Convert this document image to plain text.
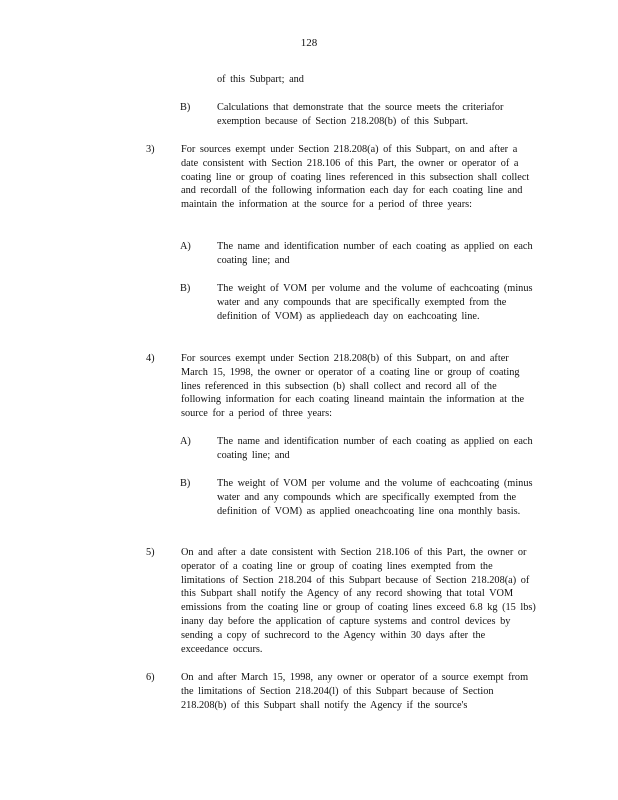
128
of this Subpart; and
B)	Calculations that demonstrate that the source meets the criteriafor exemption because of Section 218.208(b) of this Subpart.
3)	For sources exempt under Section 218.208(a) of this Subpart, on and after a date consistent with Section 218.106 of this Part, the owner or operator of a coating line or group of coating lines referenced in this subsection shall collect and recordall of the following information each day for each coating line and maintain the information at the source for a period of three years:
A)	The name and identification number of each coating as applied on each coating line; and
B)	The weight of VOM per volume and the volume of eachcoating (minus water and any compounds that are specifically exempted from the definition of VOM) as appliedeach day on eachcoating line.
4)	For sources exempt under Section 218.208(b) of this Subpart, on and after March 15, 1998, the owner or operator of a coating line or group of coating lines referenced in this subsection (b) shall collect and record all of the following information for each coating lineand maintain the information at the source for a period of three years:
A)	The name and identification number of each coating as applied on each coating line; and
B)	The weight of VOM per volume and the volume of eachcoating (minus water and any compounds which are specifically exempted from the definition of VOM) as applied oneachcoating line ona monthly basis.
5)	On and after a date consistent with Section 218.106 of this Part, the owner or operator of a coating line or group of coating lines exempted from the limitations of Section 218.204 of this Subpart because of Section 218.208(a) of this Subpart shall notify the Agency of any record showing that total VOM emissions from the coating line or group of coating lines exceed 6.8 kg (15 lbs) inany day before the application of capture systems and control devices by sending a copy of suchrecord to the Agency within 30 days after the exceedance occurs.
6)	On and after March 15, 1998, any owner or operator of a source exempt from the limitations of Section 218.204(l) of this Subpart because of Section 218.208(b) of this Subpart shall notify the Agency if the source's
